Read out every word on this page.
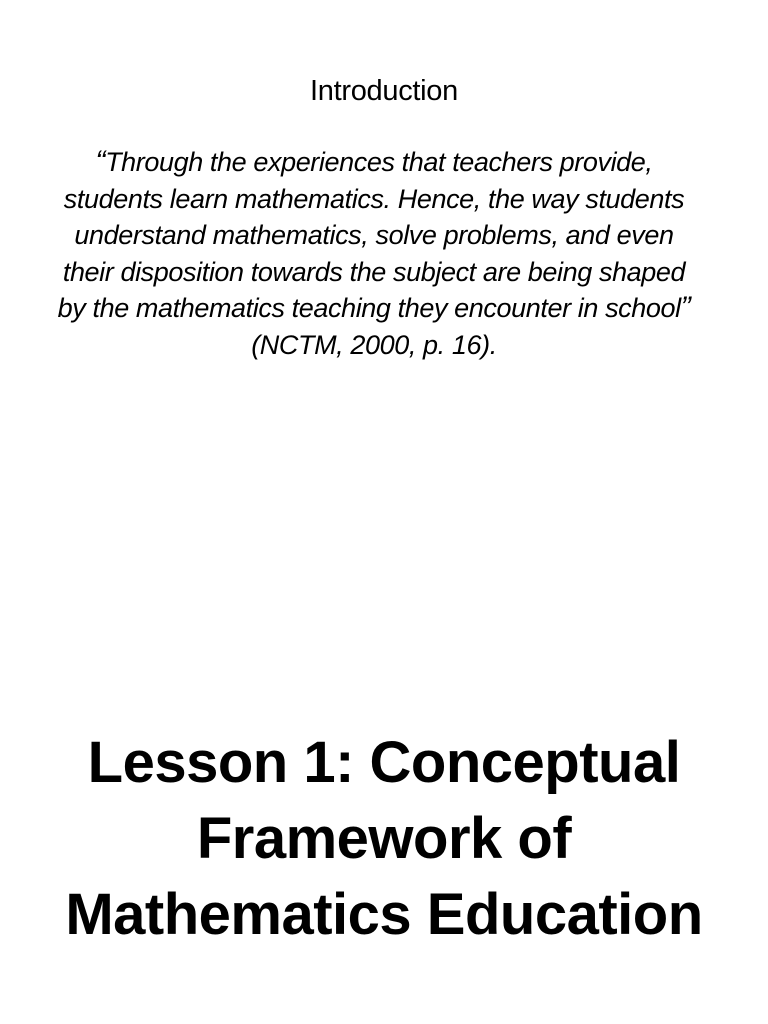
Introduction

“Through the experiences that teachers provide, students learn mathematics. Hence, the way students understand mathematics, solve problems, and even their disposition towards the subject are being shaped by the mathematics teaching they encounter in school” (NCTM, 2000, p. 16).

Lesson 1: Conceptual
Framework of
Mathematics Education
